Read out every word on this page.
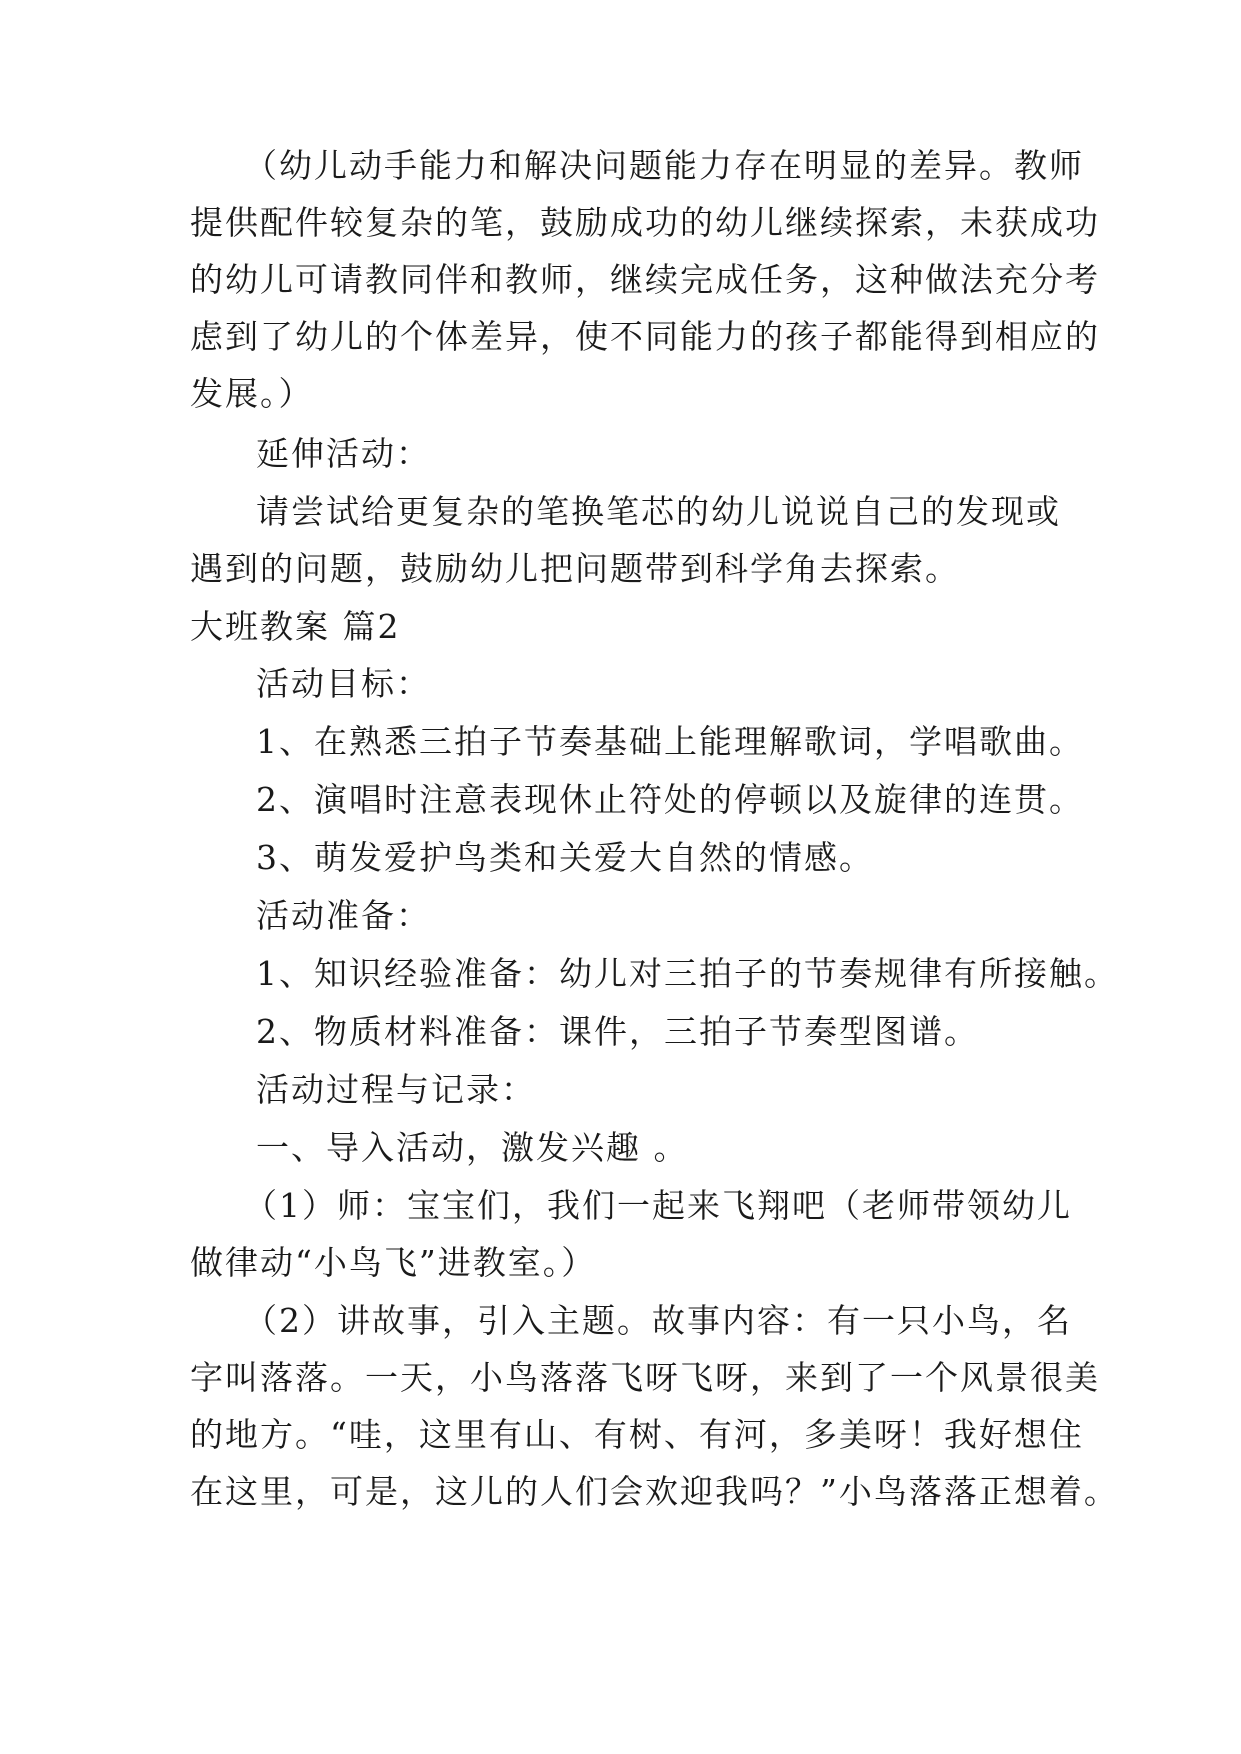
（幼儿动手能力和解决问题能力存在明显的差异。教师
提供配件较复杂的笔，鼓励成功的幼儿继续探索，未获成功
的幼儿可请教同伴和教师，继续完成任务，这种做法充分考
虑到了幼儿的个体差异，使不同能力的孩子都能得到相应的
发展。）
延伸活动：
请尝试给更复杂的笔换笔芯的幼儿说说自己的发现或
遇到的问题，鼓励幼儿把问题带到科学角去探索。
大班教案 篇2
活动目标：
1、在熟悉三拍子节奏基础上能理解歌词，学唱歌曲。
2、演唱时注意表现休止符处的停顿以及旋律的连贯。
3、萌发爱护鸟类和关爱大自然的情感。
活动准备：
1、知识经验准备：幼儿对三拍子的节奏规律有所接触。
2、物质材料准备：课件，三拍子节奏型图谱。
活动过程与记录：
一、导入活动，激发兴趣 。
（1）师：宝宝们，我们一起来飞翔吧（老师带领幼儿
做律动“小鸟飞”进教室。）
（2）讲故事，引入主题。故事内容：有一只小鸟，名
字叫落落。一天，小鸟落落飞呀飞呀，来到了一个风景很美
的地方。“哇，这里有山、有树、有河，多美呀！我好想住
在这里，可是，这儿的人们会欢迎我吗？”小鸟落落正想着。
